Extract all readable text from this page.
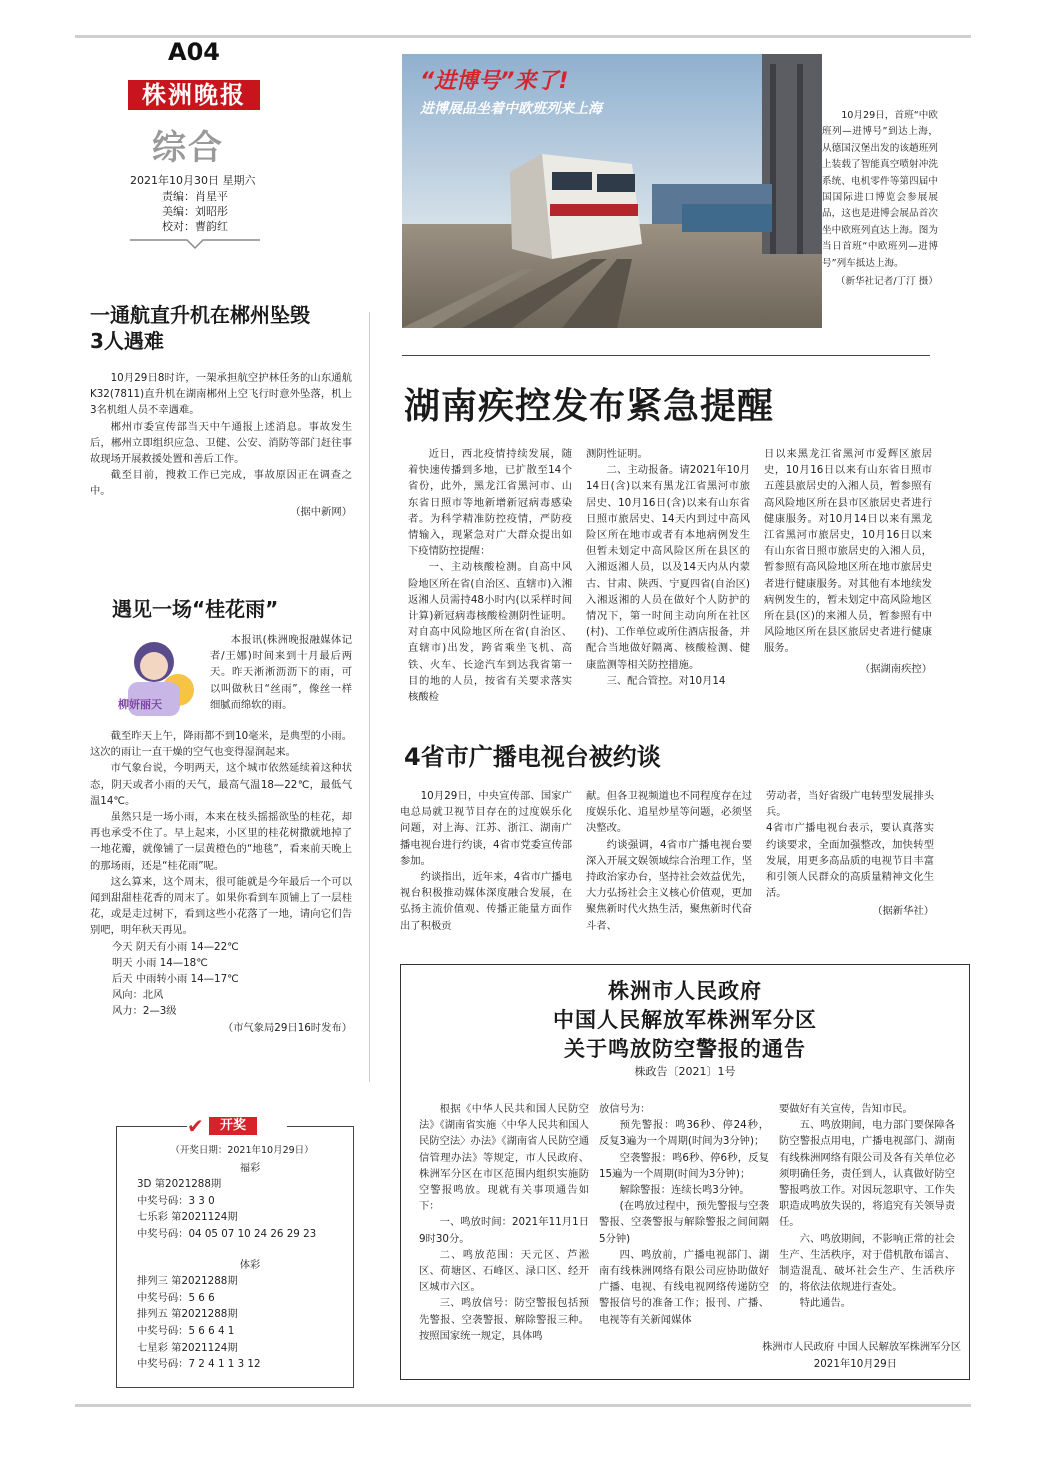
A04
株洲晚报
综合
2021年10月30日 星期六
责编：肖星平
美编：刘昭彤
校对：曹韵红
“进博号”来了!
进博展品坐着中欧班列来上海	10月29日，首班“中欧班列—进博号”到达上海，从德国汉堡出发的该趟班列上装载了智能真空喷射冲洗系统、电机零件等第四届中国国际进口博览会参展展品，这也是进博会展品首次坐中欧班列直达上海。图为当日首班“中欧班列—进博号”列车抵达上海。
（新华社记者/丁汀 摄）
一通航直升机在郴州坠毁
3人遇难

10月29日8时许，一架承担航空护林任务的山东通航K32(7811)直升机在湖南郴州上空飞行时意外坠落，机上3名机组人员不幸遇难。

郴州市委宣传部当天中午通报上述消息。事故发生后，郴州立即组织应急、卫健、公安、消防等部门赶往事故现场开展救援处置和善后工作。

截至目前，搜救工作已完成，事故原因正在调查之中。

（据中新网）
遇见一场“桂花雨”
柳妍丽天

本报讯(株洲晚报融媒体记者/王娜)时间来到十月最后两天。昨天淅淅沥沥下的雨，可以叫做秋日“丝雨”，像丝一样细腻而绵软的雨。

截至昨天上午，降雨都不到10毫米，是典型的小雨。这次的雨让一直干燥的空气也变得湿润起来。

市气象台说，今明两天，这个城市依然延续着这种状态，阴天或者小雨的天气，最高气温18—22℃，最低气温14℃。

虽然只是一场小雨，本来在枝头摇摇欲坠的桂花，却再也承受不住了。早上起来，小区里的桂花树撒就地掉了一地花瓣，就像铺了一层黄橙色的“地毯”，看来前天晚上的那场雨，还是“桂花雨”呢。

这么算来，这个周末，很可能就是今年最后一个可以闻到甜甜桂花香的周末了。如果你看到车顶铺上了一层桂花，或是走过树下，看到这些小花落了一地，请向它们告别吧，明年秋天再见。

今天 阴天有小雨 14—22℃
明天 小雨 14—18℃
后天 中雨转小雨 14—17℃
风向：北风
风力：2—3级
（市气象局29日16时发布）
✔	开奖
（开奖日期：2021年10月29日）
福彩
3D 第2021288期
中奖号码：3 3 0
七乐彩 第2021124期
中奖号码：04 05 07 10 24 26 29 23
体彩
排列三 第2021288期
中奖号码：5 6 6
排列五 第2021288期
中奖号码：5 6 6 4 1
七星彩 第2021124期
中奖号码：7 2 4 1 1 3 12
湖南疾控发布紧急提醒

近日，西北疫情持续发展，随着快速传播到多地，已扩散至14个省份，此外，黑龙江省黑河市、山东省日照市等地新增新冠病毒感染者。为科学精准防控疫情，严防疫情输入，现紧急对广大群众提出如下疫情防控提醒：

一、主动核酸检测。自高中风险地区所在省(自治区、直辖市)入湘返湘人员需持48小时内(以采样时间计算)新冠病毒核酸检测阴性证明。对自高中风险地区所在省(自治区、直辖市)出发，跨省乘坐飞机、高铁、火车、长途汽车到达我省第一目的地的人员，按省有关要求落实核酸检

测阴性证明。

二、主动报备。请2021年10月14日(含)以来有黑龙江省黑河市旅居史、10月16日(含)以来有山东省日照市旅居史、14天内到过中高风险区所在地市或者有本地病例发生但暂未划定中高风险区所在县区的入湘返湘人员，以及14天内从内蒙古、甘肃、陕西、宁夏四省(自治区)入湘返湘的人员在做好个人防护的情况下，第一时间主动向所在社区(村)、工作单位或所住酒店报备，并配合当地做好隔离、核酸检测、健康监测等相关防控措施。

三、配合管控。对10月14

日以来黑龙江省黑河市爱辉区旅居史，10月16日以来有山东省日照市五莲县旅居史的入湘人员，暂参照有高风险地区所在县市区旅居史者进行健康服务。对10月14日以来有黑龙江省黑河市旅居史，10月16日以来有山东省日照市旅居史的入湘人员，暂参照有高风险地区所在地市旅居史者进行健康服务。对其他有本地续发病例发生的，暂未划定中高风险地区所在县(区)的来湘人员，暂参照有中风险地区所在县区旅居史者进行健康服务。

（据湖南疾控）
4省市广播电视台被约谈

10月29日，中央宣传部、国家广电总局就卫视节目存在的过度娱乐化问题，对上海、江苏、浙江、湖南广播电视台进行约谈，4省市党委宣传部参加。

约谈指出，近年来，4省市广播电视台积极推动媒体深度融合发展，在弘扬主流价值观、传播正能量方面作出了积极贡

献。但各卫视频道也不同程度存在过度娱乐化、追星炒星等问题，必须坚决整改。

约谈强调，4省市广播电视台要深入开展文娱领域综合治理工作，坚持政治家办台，坚持社会效益优先，大力弘扬社会主义核心价值观，更加聚焦新时代火热生活，聚焦新时代奋斗者、

劳动者，当好省级广电转型发展排头兵。

4省市广播电视台表示，要认真落实约谈要求，全面加强整改，加快转型发展，用更多高品质的电视节目丰富和引领人民群众的高质量精神文化生活。

（据新华社）
株洲市人民政府
中国人民解放军株洲军分区
关于鸣放防空警报的通告
株政告〔2021〕1号

根据《中华人民共和国人民防空法》《湖南省实施〈中华人民共和国人民防空法〉办法》《湖南省人民防空通信管理办法》等规定，市人民政府、株洲军分区在市区范围内组织实施防空警报鸣放。现就有关事项通告如下：

一、鸣放时间：2021年11月1日9时30分。

二、鸣放范围：天元区、芦淞区、荷塘区、石峰区、渌口区、经开区城市六区。

三、鸣放信号：防空警报包括预先警报、空袭警报、解除警报三种。按照国家统一规定，具体鸣

放信号为：

预先警报：鸣36秒、停24秒，反复3遍为一个周期(时间为3分钟)；

空袭警报：鸣6秒、停6秒，反复15遍为一个周期(时间为3分钟)；

解除警报：连续长鸣3分钟。

(在鸣放过程中，预先警报与空袭警报、空袭警报与解除警报之间间隔5分钟)

四、鸣放前，广播电视部门、湖南有线株洲网络有限公司应协助做好广播、电视、有线电视网络传递防空警报信号的准备工作；报刊、广播、电视等有关新闻媒体

要做好有关宣传，告知市民。

五、鸣放期间，电力部门要保障各防空警报点用电，广播电视部门、湖南有线株洲网络有限公司及各有关单位必须明确任务，责任到人，认真做好防空警报鸣放工作。对因玩忽职守、工作失职造成鸣放失误的，将追究有关领导责任。

六、鸣放期间，不影响正常的社会生产、生活秩序，对于借机散布谣言、制造混乱、破坏社会生产、生活秩序的，将依法依规进行查处。

特此通告。

株洲市人民政府 中国人民解放军株洲军分区
2021年10月29日
